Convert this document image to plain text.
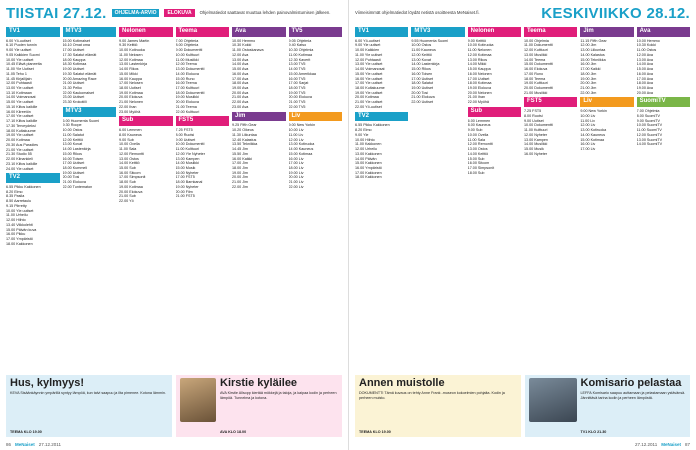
TIISTAI 27.12.	OHJELMA-ARVIO	ELOKUVA	Ohjelmatiedot saattavat muuttua lehden painovalmistumisen jälkeen.
TV1
6.00 Yö-uutiset
6.10 Puolen tunnin
9.00 Yle uutiset
9.05 Kaikkien Suomi
10.00 Yle uutiset
10.45 Elävä planeetta
11.00 Yle Uutiset
11.05 Teho 1
11.45 Kirjailijain
12.00 Puhtaasti
13.00 Yle uutiset
13.10 Kotimaan
14.00 Voimanosat
15.00 Yle uutiset
15.10 Kiitos kaikille
16.00 Kiireetön
17.00 Yle uutiset
17.10 Kiitos kaikille
17.30 Terveydeksi
18.00 Kultakuume
19.00 Yle uutiset
20.00 Kotimaa
20.30 Aus Paradies
21.00 Yle uutiset
21.30 Studio 55
22.00 Kiinankieli
23.10 Kiitos kaikille
24.00 Yle uutiset
TV2
6.55 Pikku Kakkonen
8.20 Elmo
8.35 Pasila
8.50 Aarretaulu
9.15 Piirretty
10.00 Yle uutiset
11.00 Urheilu
12.00 Hiihto
13.40 Viikkolehti
15.00 Päivän kuva
16.00 Pikku
17.00 Ympäristö
18.00 Kakkonen
MTV3
15.00 Kotimaiset
16.10 Omat oma
17.00 Uutiset
17.30 Salatut elämät
18.00 Kauppa
18.30 Kotimaa
19.00 Uutiset
19.30 Salatut elämät
20.00 Amazing Race
21.00 Uutiset
21.30 Pelko
22.00 Kaukomaiset
23.00 Uutiset
23.30 Krokotiili
MTV3
6.00 Huomenta Suomi
9.30 Roope
10.00 Ostos
11.00 Salatut
12.00 Keittiö
13.00 Kovat
14.00 Lastenkirja
15.00 Rikos
16.00 Toisen
17.00 Uutiset
18.00 Kummeli
19.00 Uutiset
20.00 Tosi
21.00 Elokuva
22.00 Tuntematon
Nelonen
9.00 James Martin
9.30 Keittiö
10.00 Kotiruoka
11.00 Nelosen
12.00 Kotimaa
13.00 Lastenkirja
14.00 Rikos
15.00 Mikki
16.00 Kauppa
17.00 Nelosen
18.00 Uutiset
19.00 Kotimaa
20.00 Elokuva
21.00 Nelonen
22.00 Ihan
23.00 Myöhä
Sub
6.00 Lemmen
8.00 Kauneus
9.00 Sub
10.00 Ovella
11.00 Sala
12.00 Remontti
13.00 Ostos
14.00 Keittiö
15.00 Sub
16.00 Sitcom
17.00 Simpsonit
18.00 Sub
19.00 Kotimaa
20.00 Elokuva
21.00 Sub
22.00 Yö
Teema
7.00 Ohjelmia
8.00 Ohjelmia
9.00 Dokumentti
10.00 Kulttuuri
11.00 Musiikki
12.00 Teema
13.00 Dokumentti
14.00 Elokuva
15.00 Runo
16.00 Teema
17.00 Kulttuuri
18.00 Dokumentti
19.00 Musiikki
20.00 Elokuva
21.00 Teema
22.00 Kulttuuri
FST5
7.25 FST5
8.00 Ruotsi
9.00 Uutiset
10.00 Dokumentti
11.00 Kulttuuri
12.00 Yle Nyheter
13.00 Kampen
14.00 Musiikki
15.00 Musik
16.00 Nyheter
17.00 FST5
18.00 Barnkanal
19.00 Nyheter
20.00 Film
21.00 FST5
Ava
10.00 Hemmo
10.30 Kokki
11.00 Ostoskanava
12.00 Ava
13.00 Ava
14.00 Ava
15.00 Ava
16.00 Ava
17.00 Ava
18.00 Ava
19.00 Ava
20.00 Ava
21.00 Ava
22.00 Ava
23.00 Ava
Jim
9.25 Fifth Gear
10.20 Oikeus
11.30 Liikuntaa
12.40 Kalastus
13.50 Tekniikka
14.45 Jim
15.50 Jim
16.00 Kaikki
17.00 Jim
18.00 Jim
19.00 Jim
20.00 Jim
21.00 Jim
22.00 Jim
TV5
9.05 Ohjelmia
9.40 Katso
10.30 Ohjelmia
11.00 Kotimaa
12.30 Kaverit
13.00 TV5
14.00 TV5
15.00 Amerikkaa
16.00 TV5
17.00 Sarjat
18.00 TV5
19.00 TV5
20.00 Elokuva
21.00 TV5
22.00 TV5
Liv
9.00 New Yorkin
10.00 Liv
11.00 Liv
12.00 Liv
13.00 Kotiruoka
14.00 Kauneus
15.00 Kotimaa
16.00 Liv
17.00 Liv
18.00 Liv
19.00 Liv
20.00 Liv
21.00 Liv
22.00 Liv
Hus, kylmyys!
KEVA Sisäänkäynnin ympärillä syntyy lämpöä, kun talvi saapuu ja ilta pimenee. Kotona lämmin.
TEEMA KLO 19.00
Kirstie kyläilee
AVA Kirstie Allsopp kiertää mökkejä ja taloja, ja kaipaa kodin ja perheen lämpöä. Tunnelma ja kotona.
AVA KLO 18.00
86 MeNaiset 27.12.2011
Viimeisimmät ohjelmatiedot löydät netistä osoitteesta MeNaiset.fi.	KESKIVIIKKO 28.12.
TV1
6.00 Yö-uutiset
9.00 Yle uutiset
10.00 Kaikkien
11.00 Yle uutiset
12.00 Puhtaasti
13.00 Yle uutiset
14.00 Voimanosat
15.00 Yle uutiset
16.00 Yle uutiset
17.00 Yle uutiset
18.00 Kultakuume
19.00 Yle uutiset
20.00 Kotimaa
21.00 Yle uutiset
22.00 Yö-uutiset
TV2
6.55 Pikku Kakkonen
8.20 Elmo
9.00 Yle
10.00 Hiihto
11.00 Kakkonen
12.00 Urheilu
13.00 Kakkonen
14.00 Päivän
15.00 Kakkonen
16.00 Ympäristö
17.00 Kakkonen
18.00 Kakkonen
MTV3
9.55 Huomenta Suomi
10.00 Ostos
11.00 Kauneus
12.00 Keittiö
13.00 Kovat
14.00 Lastenkirja
15.00 Rikos
16.00 Toisen
17.00 Uutiset
18.00 Salatut
19.00 Uutiset
20.00 Tosi
21.00 Elokuva
22.00 Uutiset
Nelonen
9.00 Keittiö
10.00 Kotiruoka
11.00 Nelonen
12.00 Kotimaa
13.00 Rikos
14.00 Mikki
15.00 Kauppa
16.00 Nelonen
17.00 Uutiset
18.00 Kotimaa
19.00 Elokuva
20.00 Nelonen
21.00 Ihan
22.00 Myöhä
Sub
6.00 Lemmen
8.00 Kauneus
9.00 Sub
10.00 Ovella
11.00 Sala
12.00 Remontti
13.00 Ostos
14.00 Keittiö
15.00 Sub
16.00 Sitcom
17.00 Simpsonit
18.00 Sub
Teema
10.00 Ohjelmia
11.00 Dokumentti
12.00 Kulttuuri
13.00 Musiikki
14.00 Teema
15.00 Dokumentti
16.00 Elokuva
17.00 Runo
18.00 Teema
19.00 Kulttuuri
20.00 Dokumentti
21.00 Musiikki
FST5
7.25 FST5
8.00 Ruotsi
9.00 Uutiset
10.00 Dokumentti
11.00 Kulttuuri
12.00 Nyheter
13.00 Kampen
14.00 Musiikki
15.00 Musik
16.00 Nyheter
Jim
11.15 Fifth Gear
12.00 Jim
13.00 Liikuntaa
14.00 Kalastus
15.00 Tekniikka
16.00 Jim
17.00 Kaikki
18.00 Jim
19.00 Jim
20.00 Jim
21.00 Jim
22.00 Jim
Liv
9.00 New Yorkin
10.00 Liv
11.00 Liv
12.00 Liv
13.00 Kotiruoka
14.00 Kauneus
15.00 Kotimaa
16.00 Liv
17.00 Liv
Ava
10.00 Hemmo
10.30 Kokki
11.00 Ostos
12.00 Ava
13.00 Ava
14.00 Ava
15.00 Ava
16.00 Ava
17.00 Ava
18.00 Ava
19.00 Ava
20.00 Ava
SuomiTV
7.00 Ohjelmia
8.00 SuomiTV
9.00 SuomiTV
10.00 SuomiTV
11.00 SuomiTV
12.00 SuomiTV
13.00 SuomiTV
14.00 SuomiTV
Annen muistolle
DOKUMENTTI Tämä kuvaus on tehty Anne Frank -museon kokoelmien pohjalta. Kodin ja perheen muisto.
TEEMA KLO 19.00
Komisario pelastaa
LEFFA Komisario saapuu auttamaan ja pelastamaan ystävänsä. Jännittävä tarina kodin ja perheen lämpöstä.
TV1 KLO 21.30
27.12.2011 MeNaiset 87
